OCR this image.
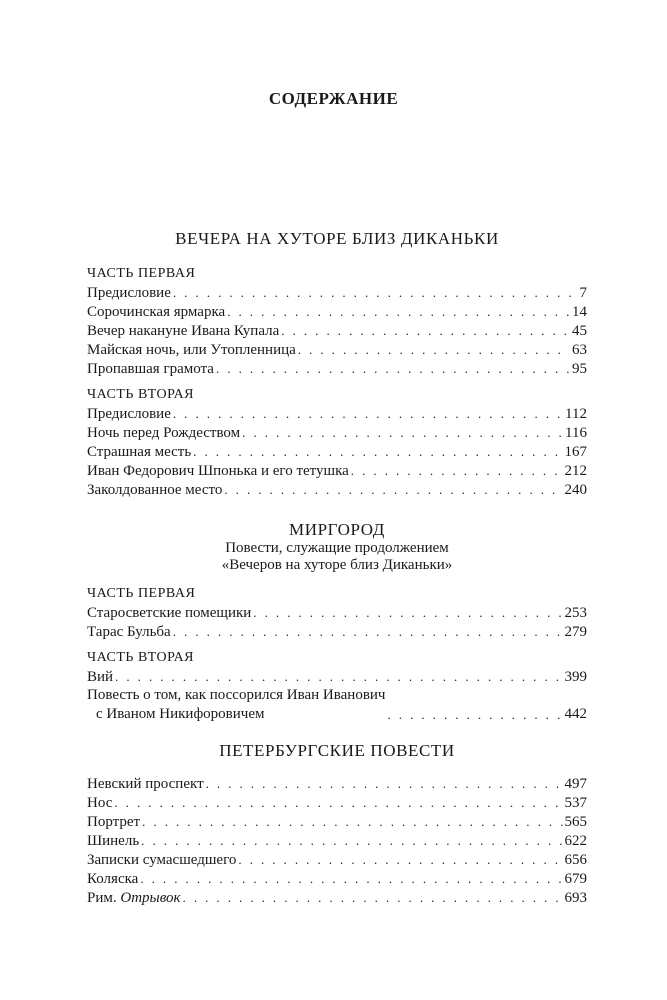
СОДЕРЖАНИЕ
ВЕЧЕРА НА ХУТОРЕ БЛИЗ ДИКАНЬКИ
ЧАСТЬ ПЕРВАЯ
Предисловие . . .	7
Сорочинская ярмарка . . .	14
Вечер накануне Ивана Купала . . .	45
Майская ночь, или Утопленница . . .	63
Пропавшая грамота . . .	95
ЧАСТЬ ВТОРАЯ
Предисловие . . .	112
Ночь перед Рождеством . . .	116
Страшная месть . . .	167
Иван Федорович Шпонька и его тетушка . . .	212
Заколдованное место . . .	240
МИРГОРОД
Повести, служащие продолжением
«Вечеров на хуторе близ Диканьки»
ЧАСТЬ ПЕРВАЯ
Старосветские помещики . . .	253
Тарас Бульба . . .	279
ЧАСТЬ ВТОРАЯ
Вий . . .	399
Повесть о том, как поссорился Иван Иванович
с Иваном Никифоровичем . . .	442
ПЕТЕРБУРГСКИЕ ПОВЕСТИ
Невский проспект . . .	497
Нос . . .	537
Портрет . . .	565
Шинель . . .	622
Записки сумасшедшего . . .	656
Коляска . . .	679
Рим. Отрывок . . .	693
